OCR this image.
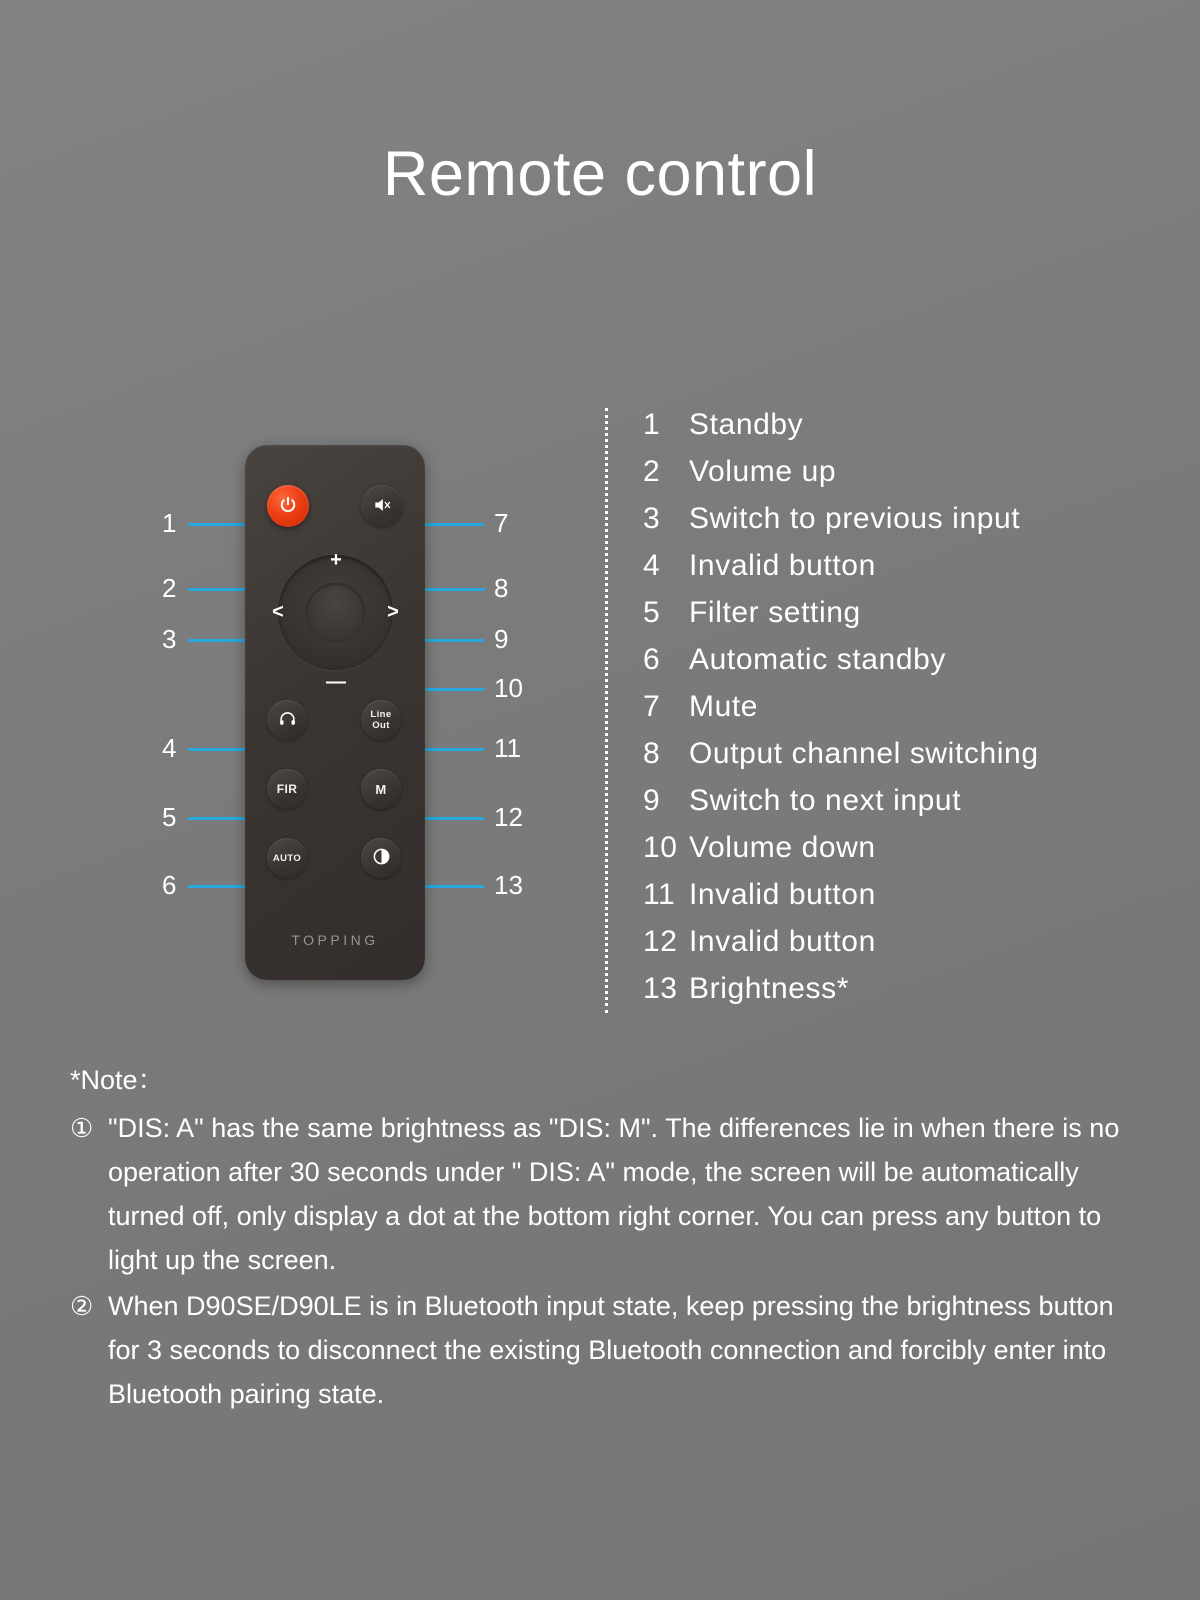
Remote control
1
2
3
4
5
6
7
8
9
10
11
12
13
+
—
<	>
Line
Out
FIR	M
AUTO
TOPPING
1 Standby
2 Volume up
3 Switch to previous input
4 Invalid button
5 Filter setting
6 Automatic standby
7 Mute
8 Output channel switching
9 Switch to next input
10 Volume down
11 Invalid button
12 Invalid button
13 Brightness*
*Note：
① "DIS: A" has the same brightness as "DIS: M". The differences lie in when there is no operation after 30 seconds under " DIS: A" mode, the screen will be automatically turned off, only display a dot at the bottom right corner. You can press any button to light up the screen.
② When D90SE/D90LE is in Bluetooth input state, keep pressing the brightness button for 3 seconds to disconnect the existing Bluetooth connection and forcibly enter into Bluetooth pairing state.
